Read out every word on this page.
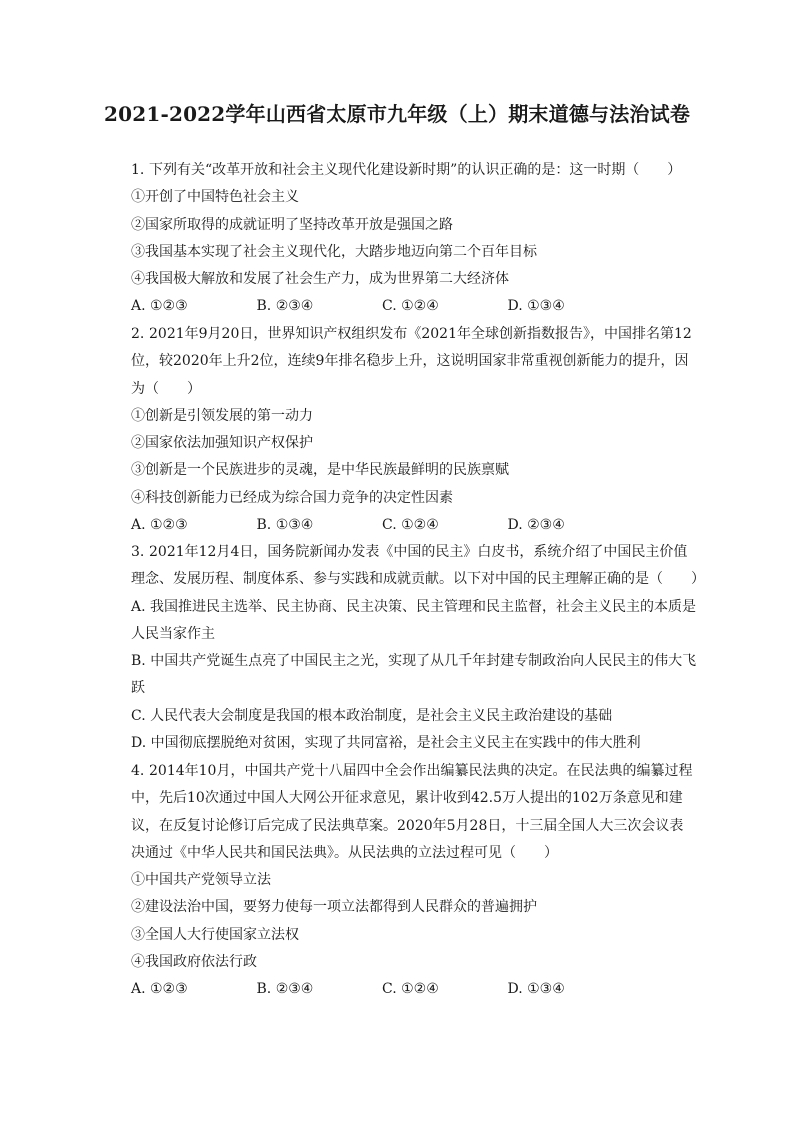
2021-2022学年山西省太原市九年级（上）期末道德与法治试卷
1. 下列有关“改革开放和社会主义现代化建设新时期”的认识正确的是：这一时期（　　）
①开创了中国特色社会主义
②国家所取得的成就证明了坚持改革开放是强国之路
③我国基本实现了社会主义现代化，大踏步地迈向第二个百年目标
④我国极大解放和发展了社会生产力，成为世界第二大经济体
A. ①②③	B. ②③④	C. ①②④	D. ①③④
2. 2021年9月20日，世界知识产权组织发布《2021年全球创新指数报告》，中国排名第12
位，较2020年上升2位，连续9年排名稳步上升，这说明国家非常重视创新能力的提升，因
为（　　）
①创新是引领发展的第一动力
②国家依法加强知识产权保护
③创新是一个民族进步的灵魂，是中华民族最鲜明的民族禀赋
④科技创新能力已经成为综合国力竞争的决定性因素
A. ①②③	B. ①③④	C. ①②④	D. ②③④
3. 2021年12月4日，国务院新闻办发表《中国的民主》白皮书，系统介绍了中国民主价值
理念、发展历程、制度体系、参与实践和成就贡献。以下对中国的民主理解正确的是（　　）
A. 我国推进民主选举、民主协商、民主决策、民主管理和民主监督，社会主义民主的本质是
人民当家作主
B. 中国共产党诞生点亮了中国民主之光，实现了从几千年封建专制政治向人民民主的伟大飞
跃
C. 人民代表大会制度是我国的根本政治制度，是社会主义民主政治建设的基础
D. 中国彻底摆脱绝对贫困，实现了共同富裕，是社会主义民主在实践中的伟大胜利
4. 2014年10月，中国共产党十八届四中全会作出编纂民法典的决定。在民法典的编纂过程
中，先后10次通过中国人大网公开征求意见，累计收到42.5万人提出的102万条意见和建
议，在反复讨论修订后完成了民法典草案。2020年5月28日，十三届全国人大三次会议表
决通过《中华人民共和国民法典》。从民法典的立法过程可见（　　）
①中国共产党领导立法
②建设法治中国，要努力使每一项立法都得到人民群众的普遍拥护
③全国人大行使国家立法权
④我国政府依法行政
A. ①②③	B. ②③④	C. ①②④	D. ①③④
